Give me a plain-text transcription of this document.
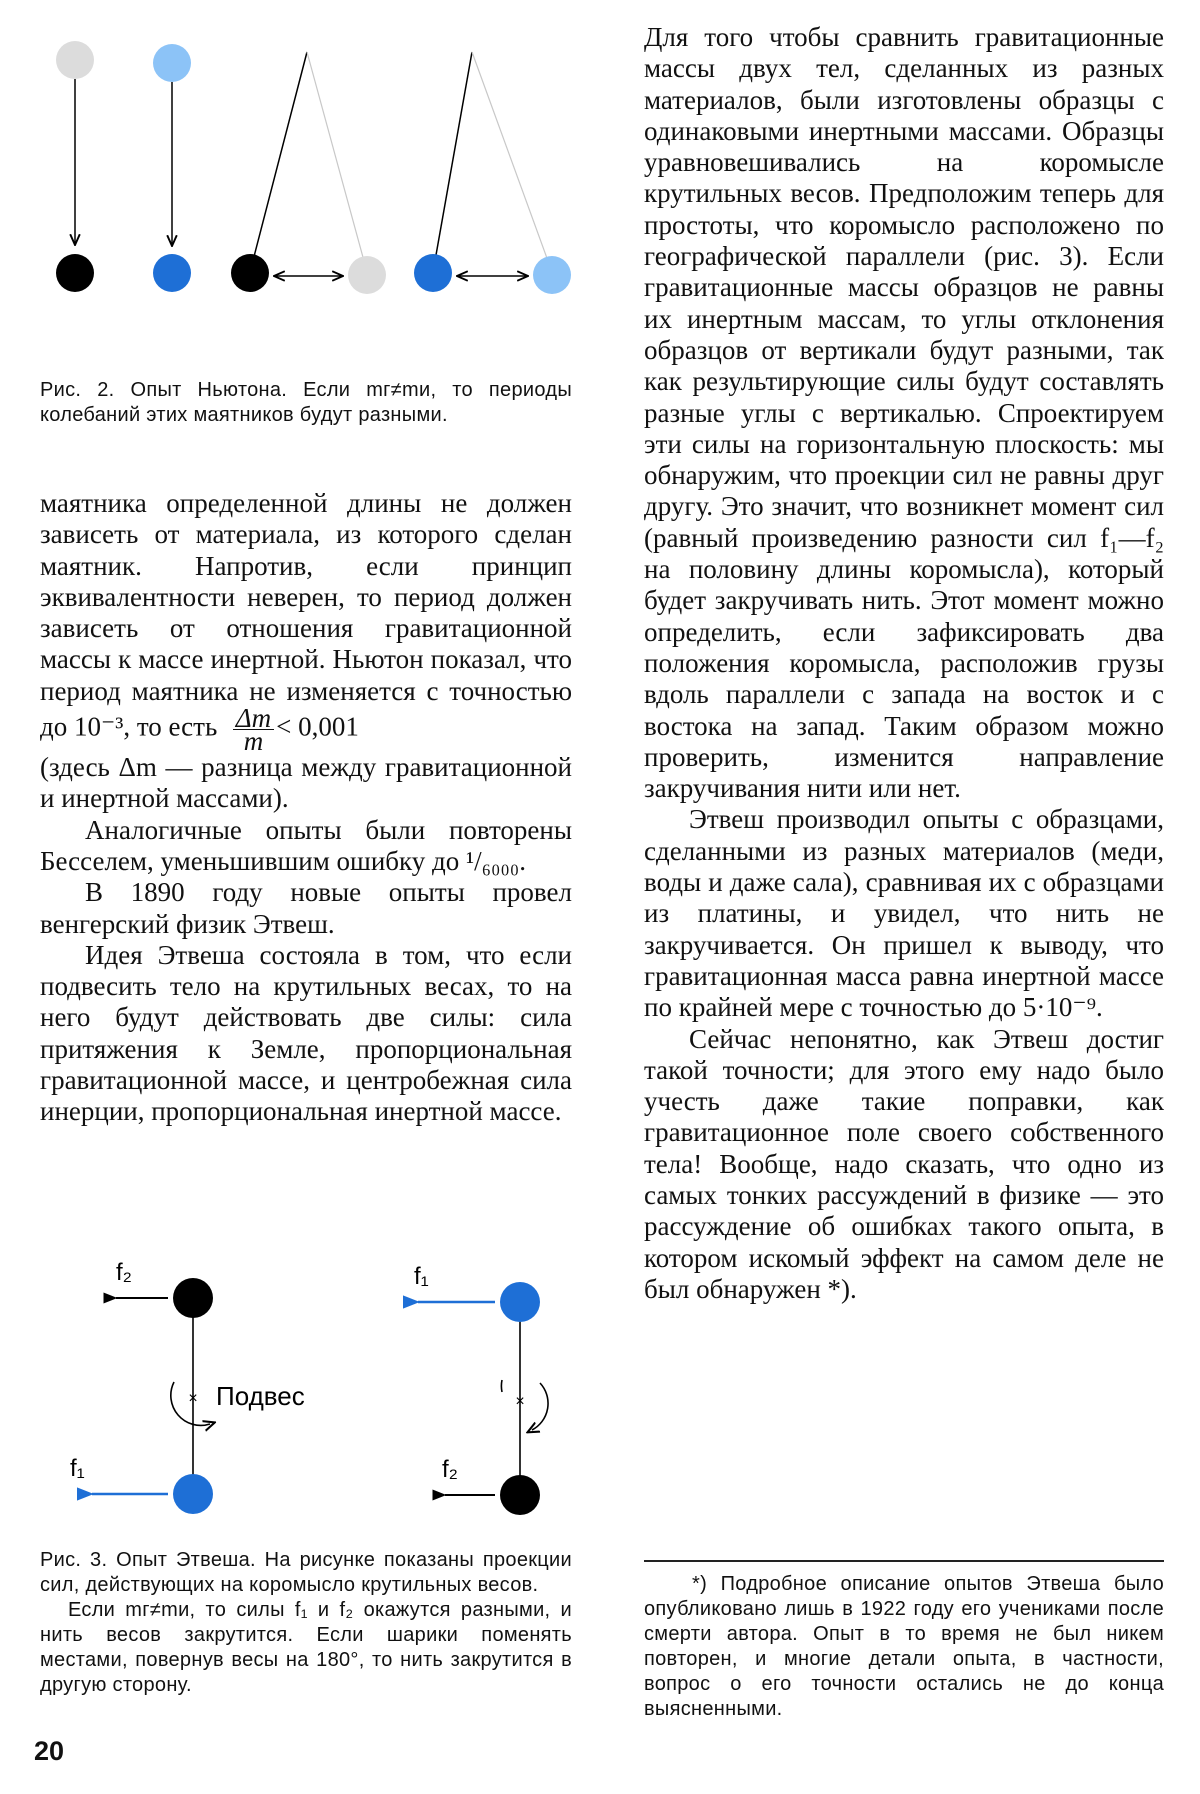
Рис. 2. Опыт Ньютона. Если mг≠mи, то периоды колебаний этих маятников будут разными.

маятника определенной длины не должен зависеть от материала, из которого сделан маятник. Напротив, если принцип эквивалентности неверен, то период должен зависеть от отношения гравитационной массы к массе инертной. Ньютон показал, что период маятника не изменяется с точностью до 10⁻³, то есть $\frac{\Delta m}{m} < 0,001$

(здесь Δm — разница между гравитационной и инертной массами).

Аналогичные опыты были повторены Бесселем, уменьшившим ошибку до ¹/₆₀₀₀.

В 1890 году новые опыты провел венгерский физик Этвеш.

Идея Этвеша состояла в том, что если подвесить тело на крутильных весах, то на него будут действовать две силы: сила притяжения к Земле, пропорциональная гравитационной массе, и центробежная сила инерции, пропорциональная инертной массе.

f₂
f₁
× Подвес
f₁
f₂
×

Рис. 3. Опыт Этвеша. На рисунке показаны проекции сил, действующих на коромысло крутильных весов.

Если mг≠mи, то силы f₁ и f₂ окажутся разными, и нить весов закрутится. Если шарики поменять местами, повернув весы на 180°, то нить закрутится в другую сторону.

Для того чтобы сравнить гравитационные массы двух тел, сделанных из разных материалов, были изготовлены образцы с одинаковыми инертными массами. Образцы уравновешивались на коромысле крутильных весов. Предположим теперь для простоты, что коромысло расположено по географической параллели (рис. 3). Если гравитационные массы образцов не равны их инертным массам, то углы отклонения образцов от вертикали будут разными, так как результирующие силы будут составлять разные углы с вертикалью. Спроектируем эти силы на горизонтальную плоскость: мы обнаружим, что проекции сил не равны друг другу. Это значит, что возникнет момент сил (равный произведению разности сил f₁—f₂ на половину длины коромысла), который будет закручивать нить. Этот момент можно определить, если зафиксировать два положения коромысла, расположив грузы вдоль параллели с запада на восток и с востока на запад. Таким образом можно проверить, изменится направление закручивания нити или нет.

Этвеш производил опыты с образцами, сделанными из разных материалов (меди, воды и даже сала), сравнивая их с образцами из платины, и увидел, что нить не закручивается. Он пришел к выводу, что гравитационная масса равна инертной массе по крайней мере с точностью до 5·10⁻⁹.

Сейчас непонятно, как Этвеш достиг такой точности; для этого ему надо было учесть даже такие поправки, как гравитационное поле своего собственного тела! Вообще, надо сказать, что одно из самых тонких рассуждений в физике — это рассуждение об ошибках такого опыта, в котором искомый эффект на самом деле не был обнаружен *).

*) Подробное описание опытов Этвеша было опубликовано лишь в 1922 году его учениками после смерти автора. Опыт в то время не был никем повторен, и многие детали опыта, в частности, вопрос о его точности остались не до конца выясненными.
20
